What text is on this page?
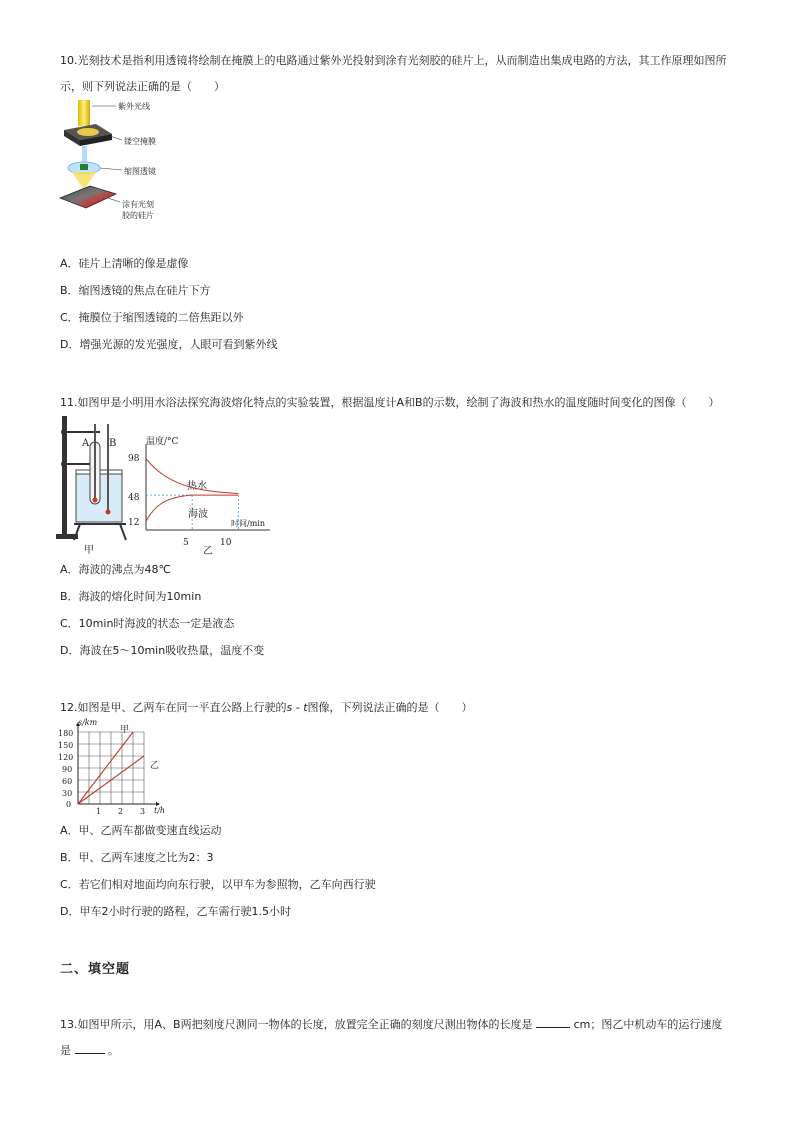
10.光刻技术是指利用透镜将绘制在掩膜上的电路通过紫外光投射到涂有光刻胶的硅片上，从而制造出集成电路的方法，其工作原理如图所
示，则下列说法正确的是（　　）
紫外光线
镂空掩膜
缩图透镜
涂有光刻
胶的硅片
A．硅片上清晰的像是虚像
B．缩图透镜的焦点在硅片下方
C．掩膜位于缩图透镜的二倍焦距以外
D．增强光源的发光强度，人眼可看到紫外线
11.如图甲是小明用水浴法探究海波熔化特点的实验装置，根据温度计A和B的示数，绘制了海波和热水的温度随时间变化的图像（　　）
A B
甲
温度/°C
时间/min
98
48
12
5	10
热水
海波
乙
A．海波的沸点为48℃
B．海波的熔化时间为10min
C．10min时海波的状态一定是液态
D．海波在5～10min吸收热量，温度不变
12.如图是甲、乙两车在同一平直公路上行驶的s - t图像，下列说法正确的是（　　）
s/km
t/h
180
150
120
90
60
30
0
1 2 3
甲
乙
A．甲、乙两车都做变速直线运动
B．甲、乙两车速度之比为2：3
C．若它们相对地面均向东行驶，以甲车为参照物，乙车向西行驶
D．甲车2小时行驶的路程，乙车需行驶1.5小时
二、填空题
13.如图甲所示，用A、B两把刻度尺测同一物体的长度，放置完全正确的刻度尺测出物体的长度是	cm；图乙中机动车的运行速度
是	。
